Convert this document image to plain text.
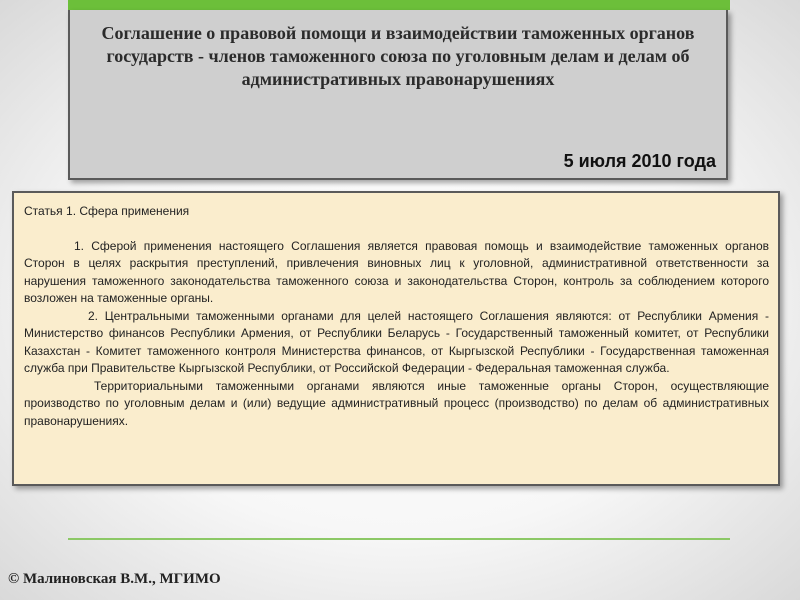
Соглашение о правовой помощи и взаимодействии таможенных органов государств - членов таможенного союза по уголовным делам и делам об административных правонарушениях
5 июля 2010 года

Статья 1. Сфера применения

1. Сферой применения настоящего Соглашения является правовая помощь и взаимодействие таможенных органов Сторон в целях раскрытия преступлений, привлечения виновных лиц к уголовной, административной ответственности за нарушения таможенного законодательства таможенного союза и законодательства Сторон, контроль за соблюдением которого возложен на таможенные органы.

2. Центральными таможенными органами для целей настоящего Соглашения являются: от Республики Армения - Министерство финансов Республики Армения, от Республики Беларусь - Государственный таможенный комитет, от Республики Казахстан - Комитет таможенного контроля Министерства финансов, от Кыргызской Республики - Государственная таможенная служба при Правительстве Кыргызской Республики, от Российской Федерации - Федеральная таможенная служба.

Территориальными таможенными органами являются иные таможенные органы Сторон, осуществляющие производство по уголовным делам и (или) ведущие административный процесс (производство) по делам об административных правонарушениях.

© Малиновская В.М., МГИМО
